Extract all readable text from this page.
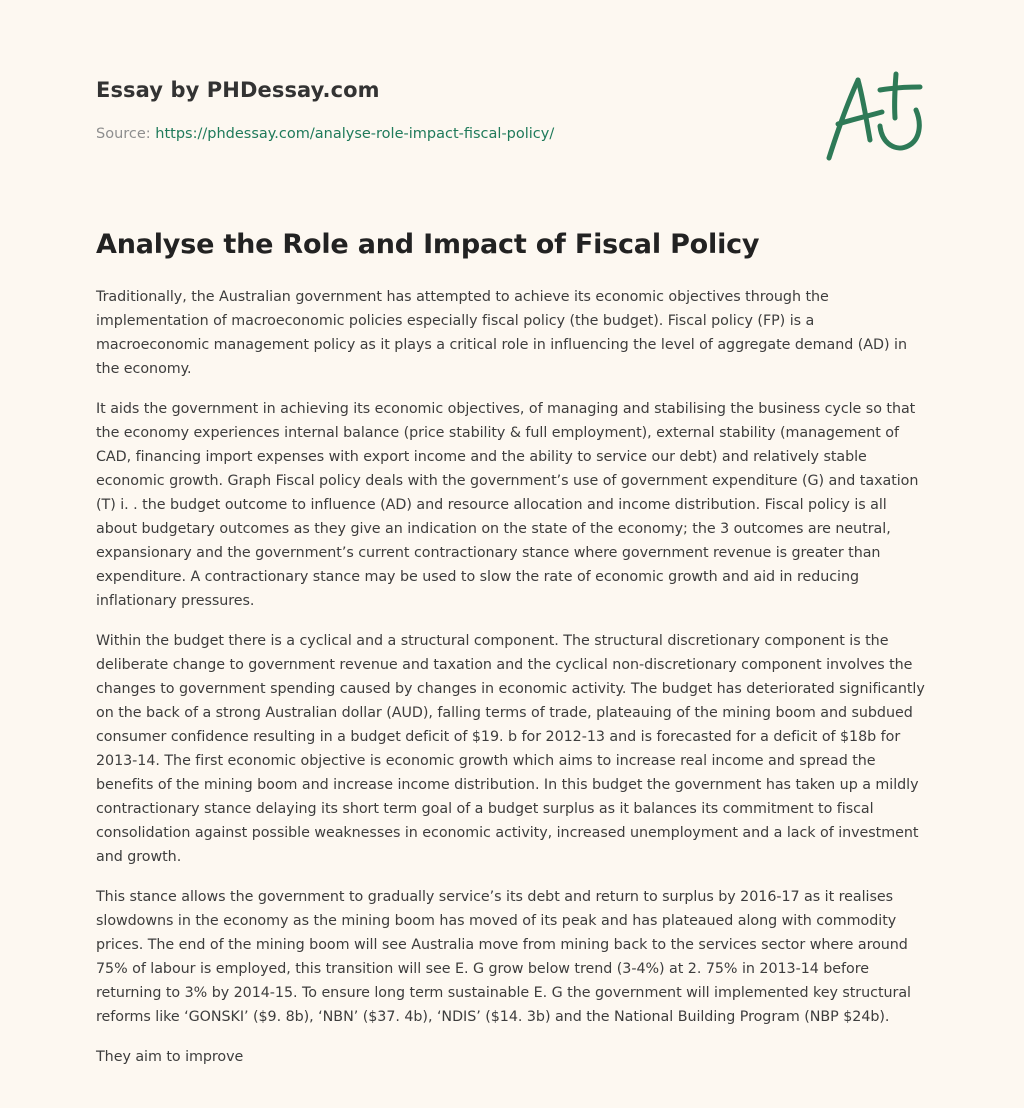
Essay by PHDessay.com
Source: https://phdessay.com/analyse-role-impact-fiscal-policy/
Analyse the Role and Impact of Fiscal Policy

Traditionally, the Australian government has attempted to achieve its economic objectives through the implementation of macroeconomic policies especially fiscal policy (the budget). Fiscal policy (FP) is a macroeconomic management policy as it plays a critical role in influencing the level of aggregate demand (AD) in the economy.

It aids the government in achieving its economic objectives, of managing and stabilising the business cycle so that the economy experiences internal balance (price stability & full employment), external stability (management of CAD, financing import expenses with export income and the ability to service our debt) and relatively stable economic growth. Graph Fiscal policy deals with the government’s use of government expenditure (G) and taxation (T) i. . the budget outcome to influence (AD) and resource allocation and income distribution. Fiscal policy is all about budgetary outcomes as they give an indication on the state of the economy; the 3 outcomes are neutral, expansionary and the government’s current contractionary stance where government revenue is greater than expenditure. A contractionary stance may be used to slow the rate of economic growth and aid in reducing inflationary pressures.

Within the budget there is a cyclical and a structural component. The structural discretionary component is the deliberate change to government revenue and taxation and the cyclical non-discretionary component involves the changes to government spending caused by changes in economic activity. The budget has deteriorated significantly on the back of a strong Australian dollar (AUD), falling terms of trade, plateauing of the mining boom and subdued consumer confidence resulting in a budget deficit of $19. b for 2012-13 and is forecasted for a deficit of $18b for 2013-14. The first economic objective is economic growth which aims to increase real income and spread the benefits of the mining boom and increase income distribution. In this budget the government has taken up a mildly contractionary stance delaying its short term goal of a budget surplus as it balances its commitment to fiscal consolidation against possible weaknesses in economic activity, increased unemployment and a lack of investment and growth.

This stance allows the government to gradually service’s its debt and return to surplus by 2016-17 as it realises slowdowns in the economy as the mining boom has moved of its peak and has plateaued along with commodity prices. The end of the mining boom will see Australia move from mining back to the services sector where around 75% of labour is employed, this transition will see E. G grow below trend (3-4%) at 2. 75% in 2013-14 before returning to 3% by 2014-15. To ensure long term sustainable E. G the government will implemented key structural reforms like ‘GONSKI’ ($9. 8b), ‘NBN’ ($37. 4b), ‘NDIS’ ($14. 3b) and the National Building Program (NBP $24b).

They aim to improve
